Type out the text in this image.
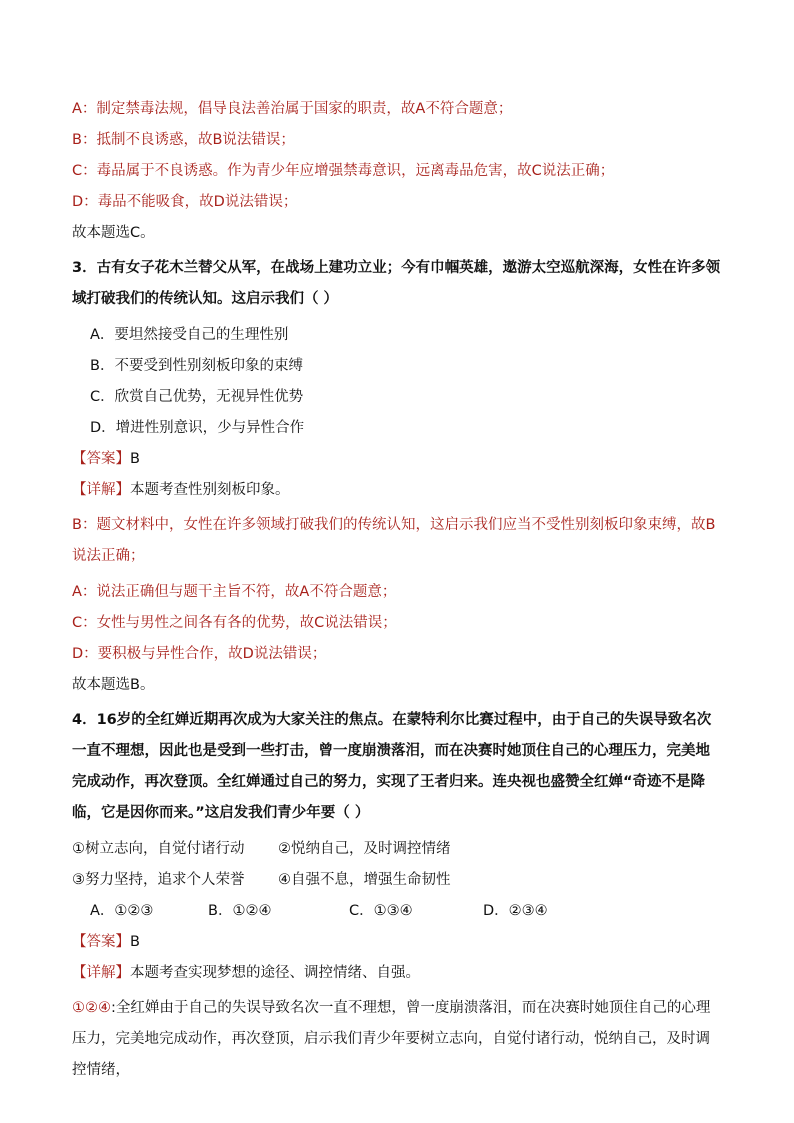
A：制定禁毒法规，倡导良法善治属于国家的职责，故A不符合题意；
B：抵制不良诱惑，故B说法错误；
C：毒品属于不良诱惑。作为青少年应增强禁毒意识，远离毒品危害，故C说法正确；
D：毒品不能吸食，故D说法错误；
故本题选C。
3．古有女子花木兰替父从军，在战场上建功立业；今有巾帼英雄，遨游太空巡航深海，女性在许多领域打破我们的传统认知。这启示我们（ ）
A．要坦然接受自己的生理性别
B．不要受到性别刻板印象的束缚
C．欣赏自己优势，无视异性优势
D．增进性别意识，少与异性合作
【答案】B
【详解】本题考查性别刻板印象。
B：题文材料中，女性在许多领域打破我们的传统认知，这启示我们应当不受性别刻板印象束缚，故B说法正确；
A：说法正确但与题干主旨不符，故A不符合题意；
C：女性与男性之间各有各的优势，故C说法错误；
D：要积极与异性合作，故D说法错误；
故本题选B。
4．16岁的全红婵近期再次成为大家关注的焦点。在蒙特利尔比赛过程中，由于自己的失误导致名次一直不理想，因此也是受到一些打击，曾一度崩溃落泪，而在决赛时她顶住自己的心理压力，完美地完成动作，再次登顶。全红婵通过自己的努力，实现了王者归来。连央视也盛赞全红婵“奇迹不是降临，它是因你而来。”这启发我们青少年要（ ）
①树立志向，自觉付诸行动	②悦纳自己，及时调控情绪
③努力坚持，追求个人荣誉	④自强不息，增强生命韧性
A．①②③	B．①②④	C．①③④	D．②③④
【答案】B
【详解】本题考查实现梦想的途径、调控情绪、自强。
①②④:全红婵由于自己的失误导致名次一直不理想，曾一度崩溃落泪，而在决赛时她顶住自己的心理压力，完美地完成动作，再次登顶，启示我们青少年要树立志向，自觉付诸行动，悦纳自己，及时调控情绪，
